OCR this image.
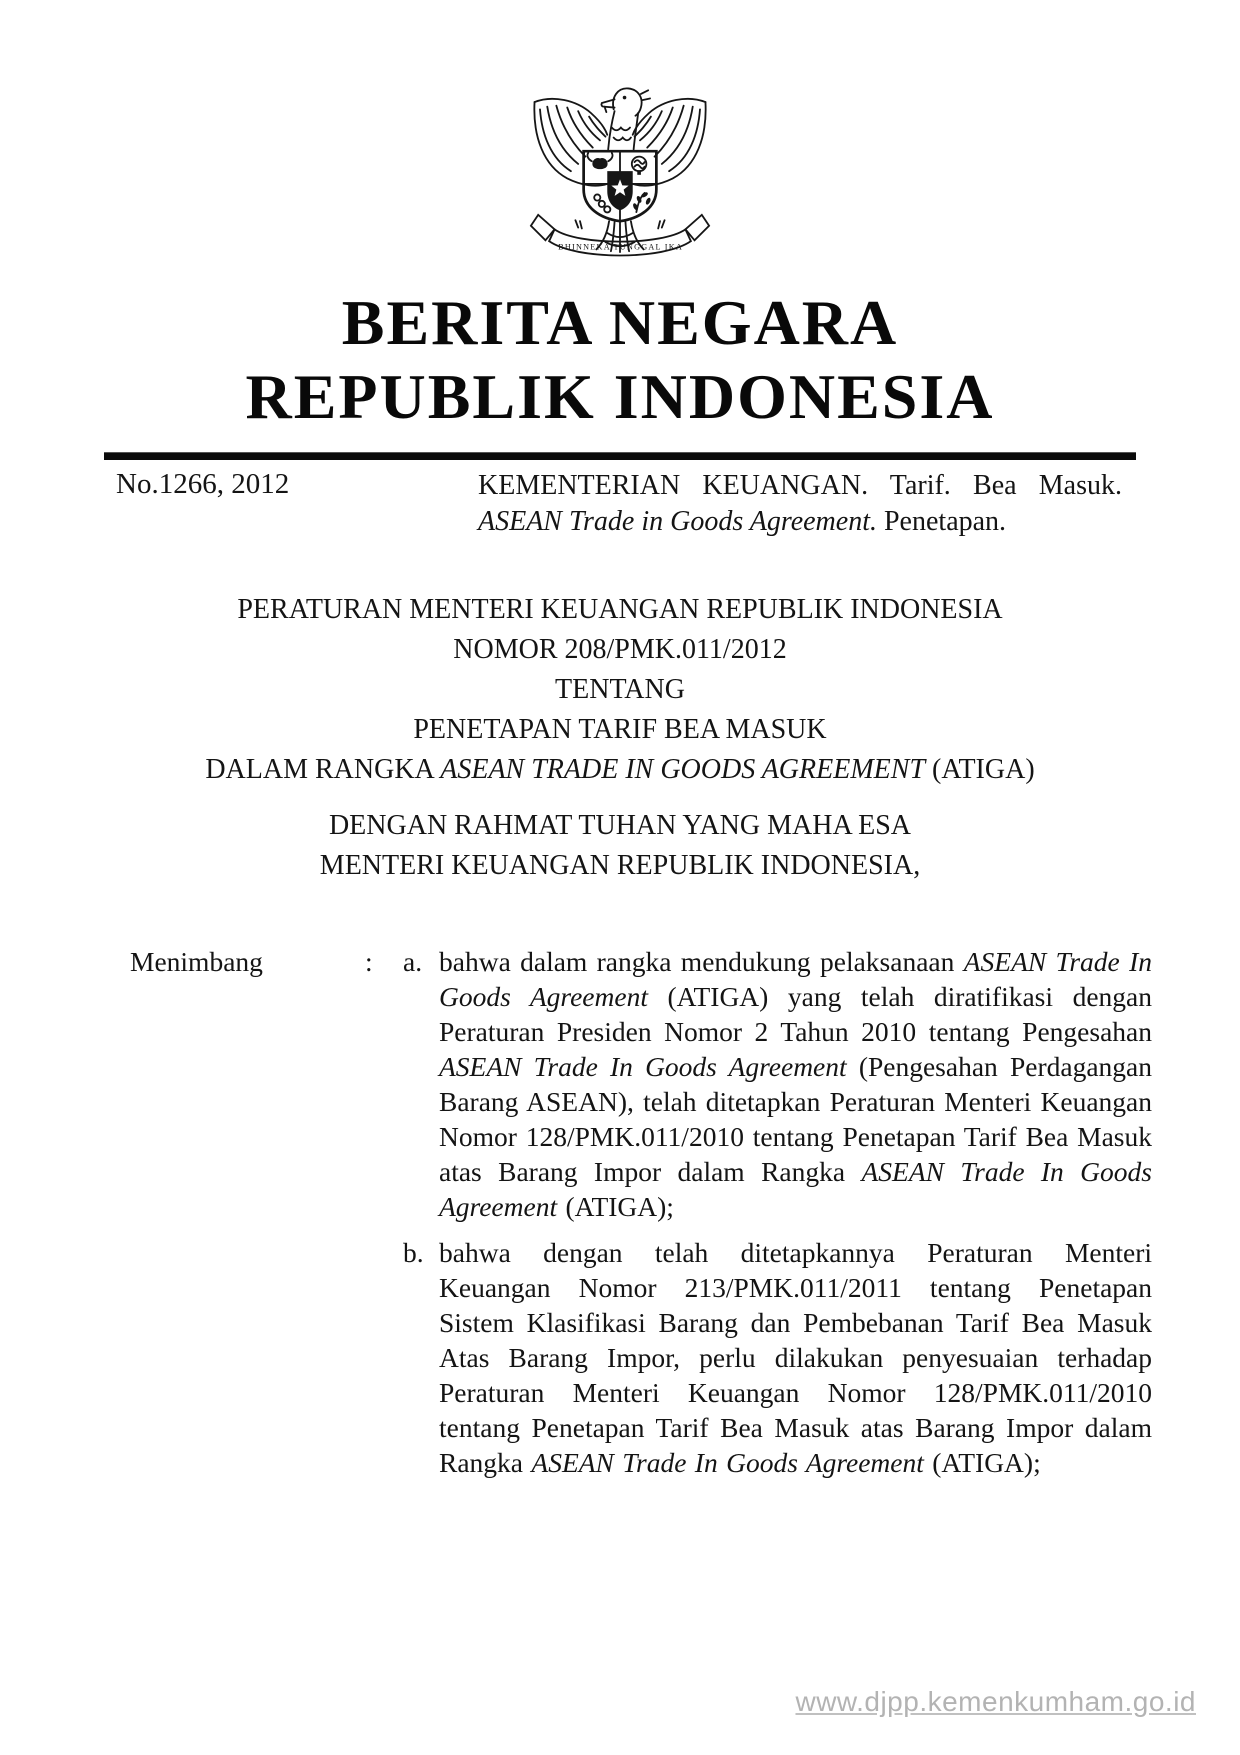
BHINNEKA TUNGGAL IKA
BERITA NEGARA
REPUBLIK INDONESIA
No.1266, 2012	KEMENTERIAN KEUANGAN. Tarif. Bea Masuk.
ASEAN Trade in Goods Agreement. Penetapan.
PERATURAN MENTERI KEUANGAN REPUBLIK INDONESIA
NOMOR 208/PMK.011/2012
TENTANG
PENETAPAN TARIF BEA MASUK
DALAM RANGKA ASEAN TRADE IN GOODS AGREEMENT (ATIGA)
DENGAN RAHMAT TUHAN YANG MAHA ESA
MENTERI KEUANGAN REPUBLIK INDONESIA,
Menimbang	:	a. bahwa dalam rangka mendukung pelaksanaan ASEAN Trade In Goods Agreement (ATIGA) yang telah diratifikasi dengan Peraturan Presiden Nomor 2 Tahun 2010 tentang Pengesahan ASEAN Trade In Goods Agreement (Pengesahan Perdagangan Barang ASEAN), telah ditetapkan Peraturan Menteri Keuangan Nomor 128/PMK.011/2010 tentang Penetapan Tarif Bea Masuk atas Barang Impor dalam Rangka ASEAN Trade In Goods Agreement (ATIGA);
b. bahwa dengan telah ditetapkannya Peraturan Menteri Keuangan Nomor 213/PMK.011/2011 tentang Penetapan Sistem Klasifikasi Barang dan Pembebanan Tarif Bea Masuk Atas Barang Impor, perlu dilakukan penyesuaian terhadap Peraturan Menteri Keuangan Nomor 128/PMK.011/2010 tentang Penetapan Tarif Bea Masuk atas Barang Impor dalam Rangka ASEAN Trade In Goods Agreement (ATIGA);
www.djpp.kemenkumham.go.id
